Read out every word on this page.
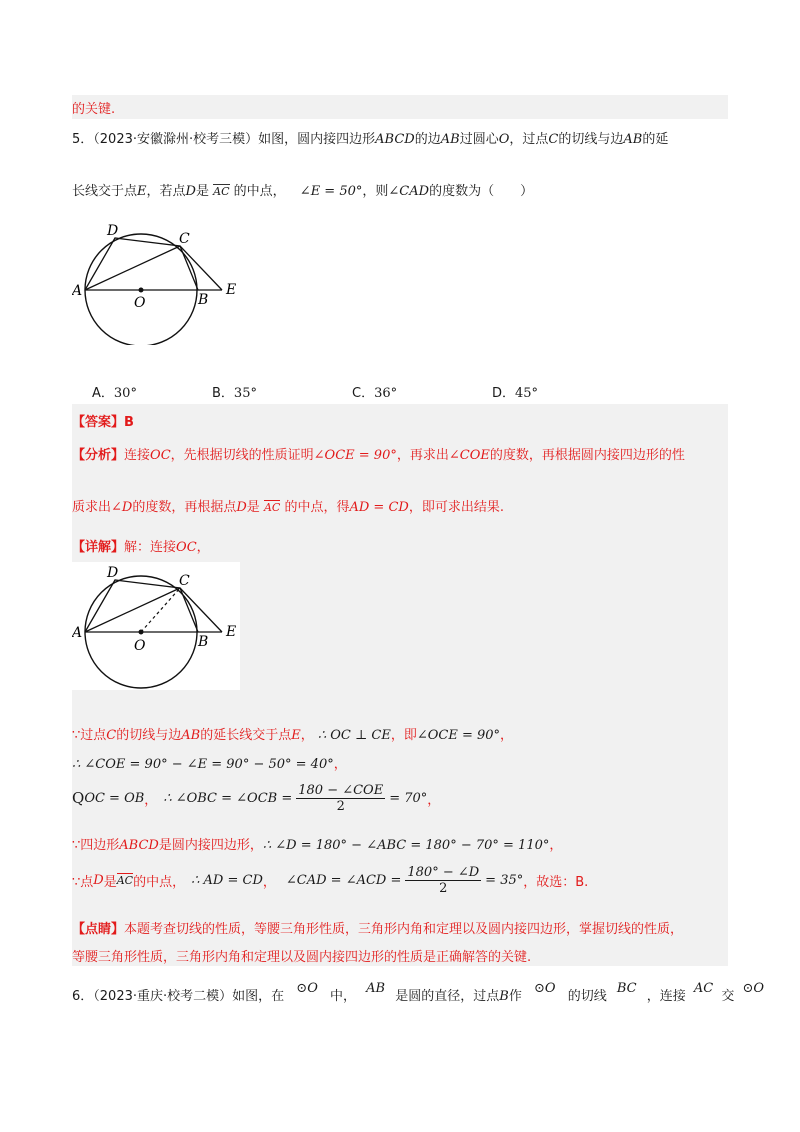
的关键.
5．（2023·安徽滁州·校考三模）如图，圆内接四边形ABCD的边AB过圆心O，过点C的切线与边AB的延
长线交于点E，若点D是 AC 的中点， ∠E = 50°，则∠CAD的度数为（　　）
A
D	C
B
E
O
A．30°	B．35°	C．36°	D．45°
【答案】B
【分析】连接OC，先根据切线的性质证明∠OCE = 90°，再求出∠COE的度数，再根据圆内接四边形的性
质求出∠D的度数，再根据点D是 AC 的中点，得AD = CD，即可求出结果.
【详解】解：连接OC，
A
D	C
B
E
O
∵过点C的切线与边AB的延长线交于点E， ∴ OC ⊥ CE，即∠OCE = 90°，
∴ ∠COE = 90° − ∠E = 90° − 50° = 40°，
Q OC = OB ， ∴ ∠OBC = ∠OCB =
180 − ∠COE
2
= 70° ，
∵四边形ABCD是圆内接四边形，∴ ∠D = 180° − ∠ABC = 180° − 70° = 110°，
∵点 D 是 AC 的中点， ∴ AD = CD ， ∠CAD = ∠ACD = $\frac{180^\circ - \angle D}{2} = 35^\circ$ ，故选：B.
【点睛】本题考查切线的性质，等腰三角形性质，三角形内角和定理以及圆内接四边形，掌握切线的性质，
等腰三角形性质，三角形内角和定理以及圆内接四边形的性质是正确解答的关键.
6．（2023·重庆·校考二模）如图，在 ⊙O 中， AB 是圆的直径，过点B作 ⊙O 的切线 BC ，连接 AC 交 ⊙O
